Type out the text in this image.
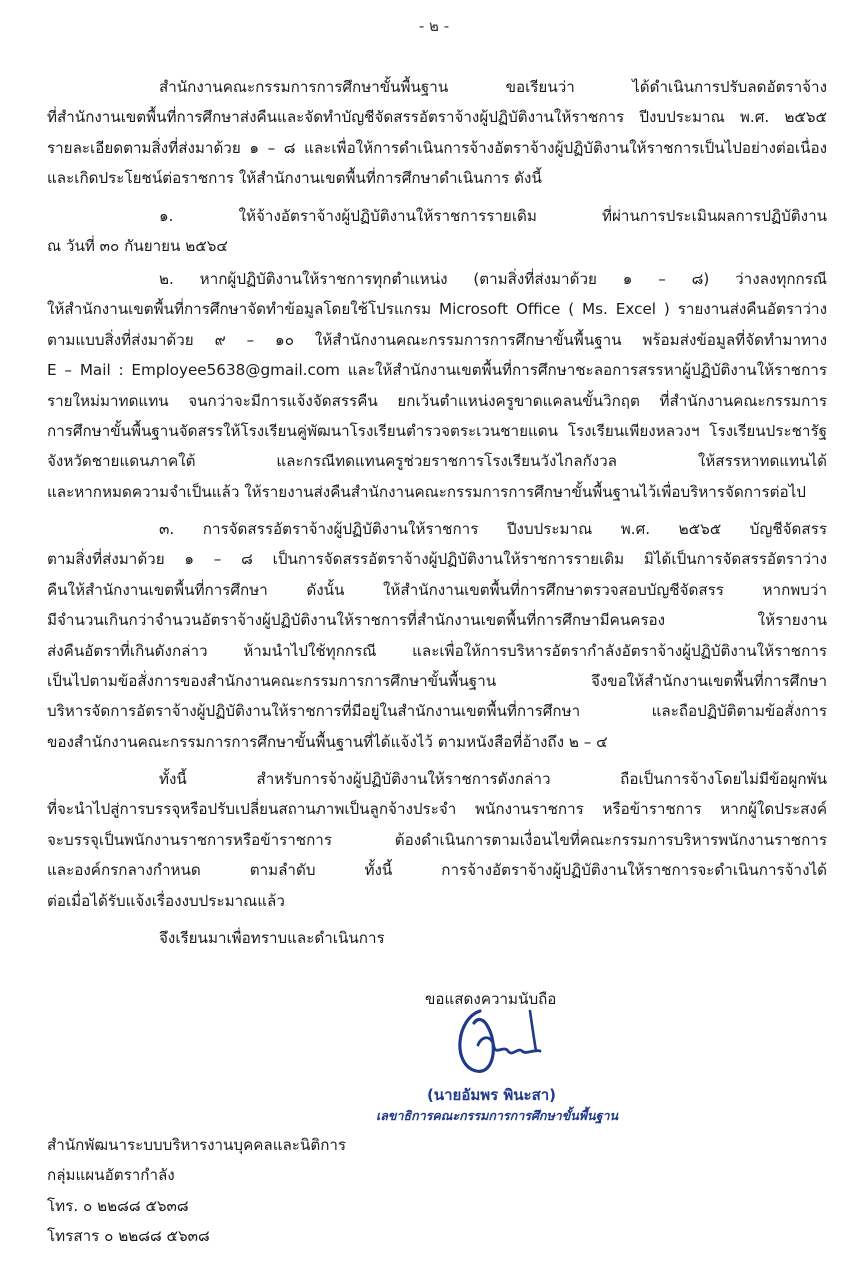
- ๒ -
สำนักงานคณะกรรมการการศึกษาขั้นพื้นฐาน ขอเรียนว่า ได้ดำเนินการปรับลดอัตราจ้าง
ที่สำนักงานเขตพื้นที่การศึกษาส่งคืนและจัดทำบัญชีจัดสรรอัตราจ้างผู้ปฏิบัติงานให้ราชการ ปีงบประมาณ พ.ศ. ๒๕๖๕
รายละเอียดตามสิ่งที่ส่งมาด้วย ๑ – ๘ และเพื่อให้การดำเนินการจ้างอัตราจ้างผู้ปฏิบัติงานให้ราชการเป็นไปอย่างต่อเนื่อง
และเกิดประโยชน์ต่อราชการ ให้สำนักงานเขตพื้นที่การศึกษาดำเนินการ ดังนี้
๑. ให้จ้างอัตราจ้างผู้ปฏิบัติงานให้ราชการรายเดิม ที่ผ่านการประเมินผลการปฏิบัติงาน
ณ วันที่ ๓๐ กันยายน ๒๕๖๔
๒. หากผู้ปฏิบัติงานให้ราชการทุกตำแหน่ง (ตามสิ่งที่ส่งมาด้วย ๑ – ๘) ว่างลงทุกกรณี
ให้สำนักงานเขตพื้นที่การศึกษาจัดทำข้อมูลโดยใช้โปรแกรม Microsoft Office ( Ms. Excel ) รายงานส่งคืนอัตราว่าง
ตามแบบสิ่งที่ส่งมาด้วย ๙ – ๑๐ ให้สำนักงานคณะกรรมการการศึกษาขั้นพื้นฐาน พร้อมส่งข้อมูลที่จัดทำมาทาง
E – Mail : Employee5638@gmail.com และให้สำนักงานเขตพื้นที่การศึกษาชะลอการสรรหาผู้ปฏิบัติงานให้ราชการ
รายใหม่มาทดแทน จนกว่าจะมีการแจ้งจัดสรรคืน ยกเว้นตำแหน่งครูขาดแคลนขั้นวิกฤต ที่สำนักงานคณะกรรมการ
การศึกษาขั้นพื้นฐานจัดสรรให้โรงเรียนคู่พัฒนาโรงเรียนตำรวจตระเวนชายแดน โรงเรียนเพียงหลวงฯ โรงเรียนประชารัฐ
จังหวัดชายแดนภาคใต้ และกรณีทดแทนครูช่วยราชการโรงเรียนวังไกลกังวล ให้สรรหาทดแทนได้
และหากหมดความจำเป็นแล้ว ให้รายงานส่งคืนสำนักงานคณะกรรมการการศึกษาขั้นพื้นฐานไว้เพื่อบริหารจัดการต่อไป
๓. การจัดสรรอัตราจ้างผู้ปฏิบัติงานให้ราชการ ปีงบประมาณ พ.ศ. ๒๕๖๕ บัญชีจัดสรร
ตามสิ่งที่ส่งมาด้วย ๑ – ๘ เป็นการจัดสรรอัตราจ้างผู้ปฏิบัติงานให้ราชการรายเดิม มิได้เป็นการจัดสรรอัตราว่าง
คืนให้สำนักงานเขตพื้นที่การศึกษา ดังนั้น ให้สำนักงานเขตพื้นที่การศึกษาตรวจสอบบัญชีจัดสรร หากพบว่า
มีจำนวนเกินกว่าจำนวนอัตราจ้างผู้ปฏิบัติงานให้ราชการที่สำนักงานเขตพื้นที่การศึกษามีคนครอง ให้รายงาน
ส่งคืนอัตราที่เกินดังกล่าว ห้ามนำไปใช้ทุกกรณี และเพื่อให้การบริหารอัตรากำลังอัตราจ้างผู้ปฏิบัติงานให้ราชการ
เป็นไปตามข้อสั่งการของสำนักงานคณะกรรมการการศึกษาขั้นพื้นฐาน จึงขอให้สำนักงานเขตพื้นที่การศึกษา
บริหารจัดการอัตราจ้างผู้ปฏิบัติงานให้ราชการที่มีอยู่ในสำนักงานเขตพื้นที่การศึกษา และถือปฏิบัติตามข้อสั่งการ
ของสำนักงานคณะกรรมการการศึกษาขั้นพื้นฐานที่ได้แจ้งไว้ ตามหนังสือที่อ้างถึง ๒ – ๔
ทั้งนี้ สำหรับการจ้างผู้ปฏิบัติงานให้ราชการดังกล่าว ถือเป็นการจ้างโดยไม่มีข้อผูกพัน
ที่จะนำไปสู่การบรรจุหรือปรับเปลี่ยนสถานภาพเป็นลูกจ้างประจำ พนักงานราชการ หรือข้าราชการ หากผู้ใดประสงค์
จะบรรจุเป็นพนักงานราชการหรือข้าราชการ ต้องดำเนินการตามเงื่อนไขที่คณะกรรมการบริหารพนักงานราชการ
และองค์กรกลางกำหนด ตามลำดับ ทั้งนี้ การจ้างอัตราจ้างผู้ปฏิบัติงานให้ราชการจะดำเนินการจ้างได้
ต่อเมื่อได้รับแจ้งเรื่องงบประมาณแล้ว
จึงเรียนมาเพื่อทราบและดำเนินการ
ขอแสดงความนับถือ
(นายอัมพร พินะสา)
เลขาธิการคณะกรรมการการศึกษาขั้นพื้นฐาน
สำนักพัฒนาระบบบริหารงานบุคคลและนิติการ
กลุ่มแผนอัตรากำลัง
โทร. ๐ ๒๒๘๘ ๕๖๓๘
โทรสาร ๐ ๒๒๘๘ ๕๖๓๘
